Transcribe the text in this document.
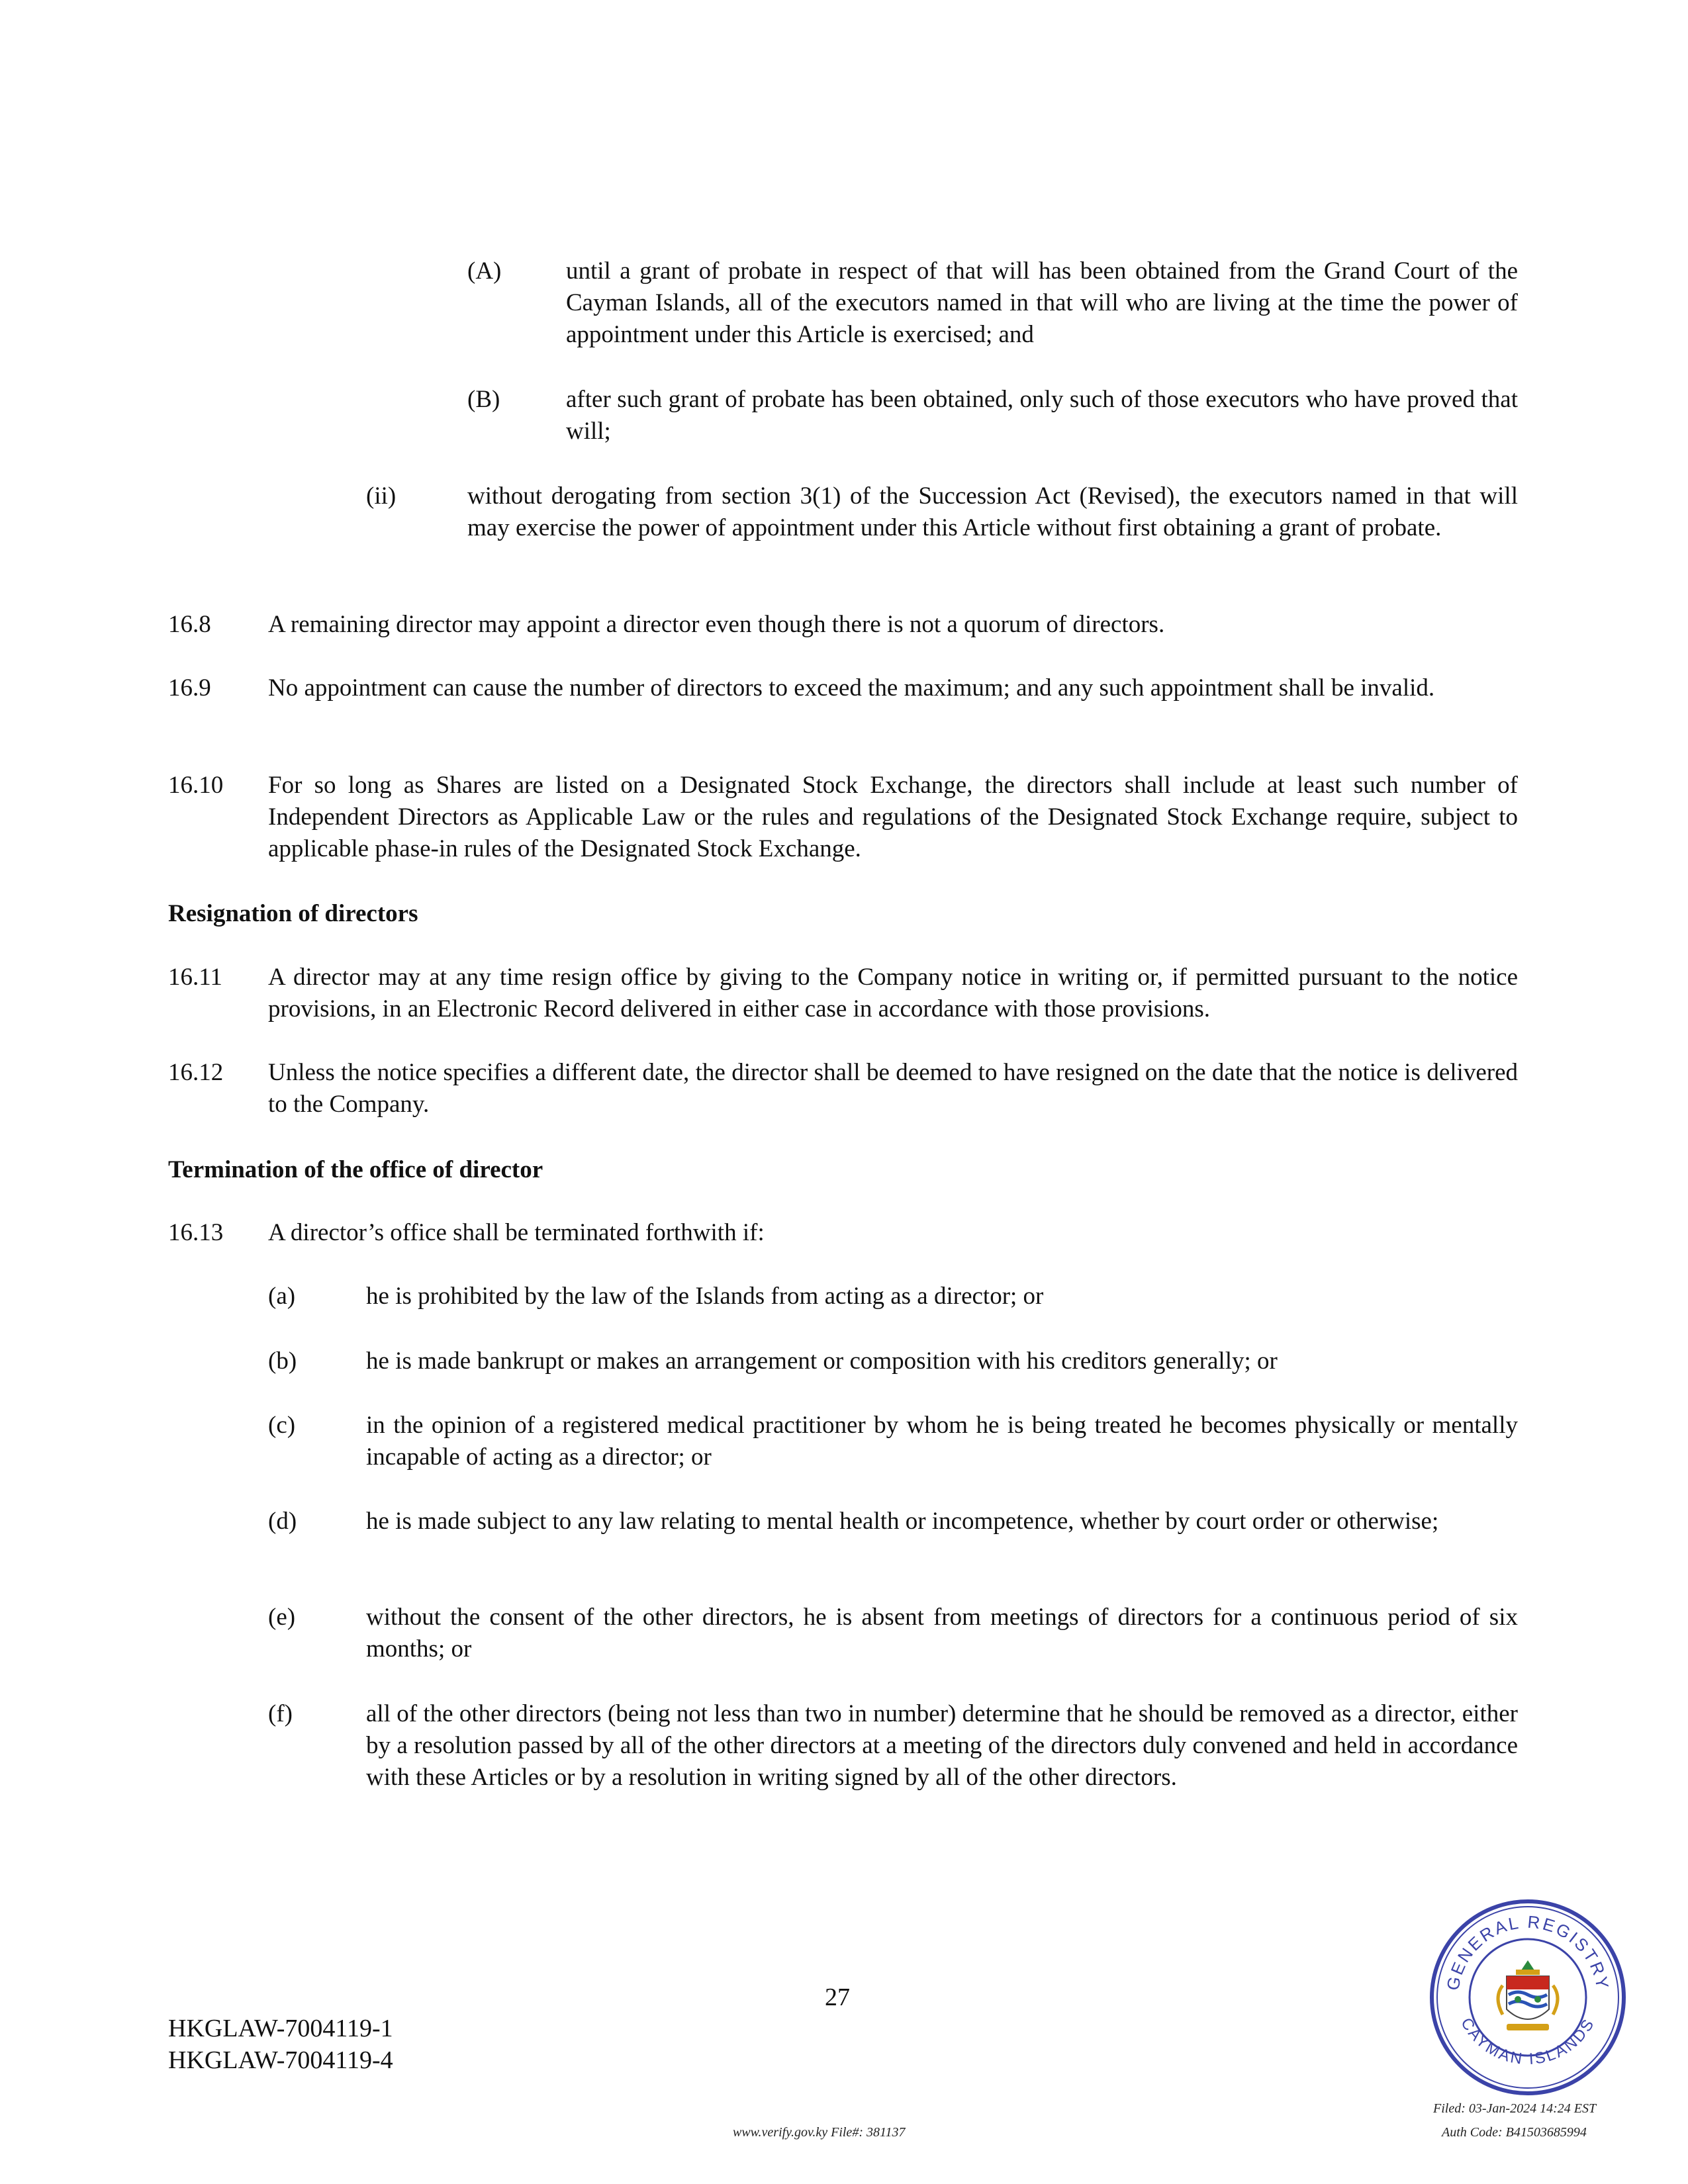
(A)	until a grant of probate in respect of that will has been obtained from the Grand Court of the Cayman Islands, all of the executors named in that will who are living at the time the power of appointment under this Article is exercised; and
(B)	after such grant of probate has been obtained, only such of those executors who have proved that will;
(ii)	without derogating from section 3(1) of the Succession Act (Revised), the executors named in that will may exercise the power of appointment under this Article without first obtaining a grant of probate.
16.8 A remaining director may appoint a director even though there is not a quorum of directors.
16.9 No appointment can cause the number of directors to exceed the maximum; and any such appointment shall be invalid.
16.10 For so long as Shares are listed on a Designated Stock Exchange, the directors shall include at least such number of Independent Directors as Applicable Law or the rules and regulations of the Designated Stock Exchange require, subject to applicable phase-in rules of the Designated Stock Exchange.
Resignation of directors
16.11 A director may at any time resign office by giving to the Company notice in writing or, if permitted pursuant to the notice provisions, in an Electronic Record delivered in either case in accordance with those provisions.
16.12 Unless the notice specifies a different date, the director shall be deemed to have resigned on the date that the notice is delivered to the Company.
Termination of the office of director
16.13 A director’s office shall be terminated forthwith if:
(a)	he is prohibited by the law of the Islands from acting as a director; or
(b)	he is made bankrupt or makes an arrangement or composition with his creditors generally; or
(c)	in the opinion of a registered medical practitioner by whom he is being treated he becomes physically or mentally incapable of acting as a director; or
(d)	he is made subject to any law relating to mental health or incompetence, whether by court order or otherwise;
(e)	without the consent of the other directors, he is absent from meetings of directors for a continuous period of six months; or
(f)	all of the other directors (being not less than two in number) determine that he should be removed as a director, either by a resolution passed by all of the other directors at a meeting of the directors duly convened and held in accordance with these Articles or by a resolution in writing signed by all of the other directors.
27
HKGLAW-7004119-1
HKGLAW-7004119-4
GENERAL REGISTRY
CAYMAN ISLANDS
Filed: 03-Jan-2024 14:24 EST
Auth Code: B41503685994
www.verify.gov.ky File#: 381137
